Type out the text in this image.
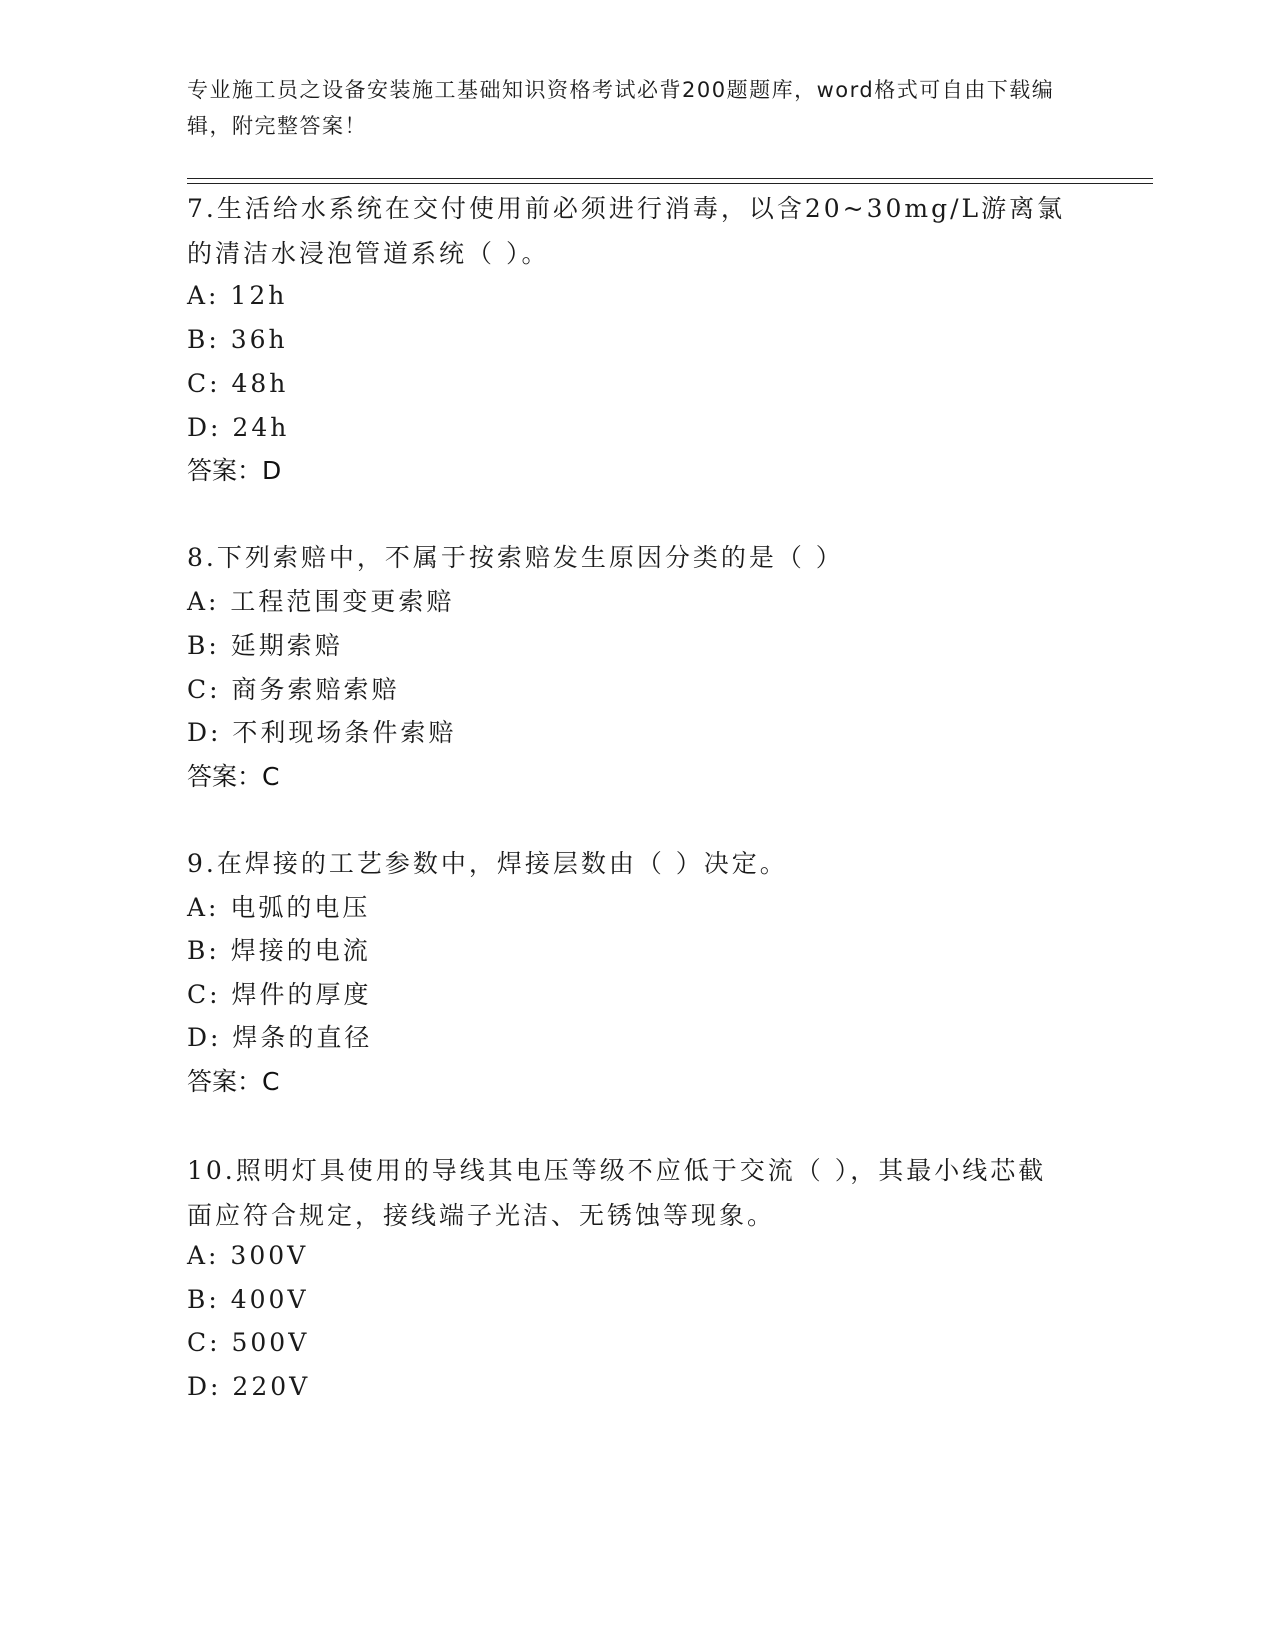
专业施工员之设备安装施工基础知识资格考试必背200题题库，word格式可自由下载编辑，附完整答案！

7.生活给水系统在交付使用前必须进行消毒，以含20~30mg/L游离氯的清洁水浸泡管道系统（ ）。

A: 12h

B: 36h

C: 48h

D: 24h

答案：D

8.下列索赔中，不属于按索赔发生原因分类的是（ ）

A: 工程范围变更索赔

B: 延期索赔

C: 商务索赔索赔

D: 不利现场条件索赔

答案：C

9.在焊接的工艺参数中，焊接层数由（ ）决定。

A: 电弧的电压

B: 焊接的电流

C: 焊件的厚度

D: 焊条的直径

答案：C

10.照明灯具使用的导线其电压等级不应低于交流（ ），其最小线芯截面应符合规定，接线端子光洁、无锈蚀等现象。

A: 300V

B: 400V

C: 500V

D: 220V
